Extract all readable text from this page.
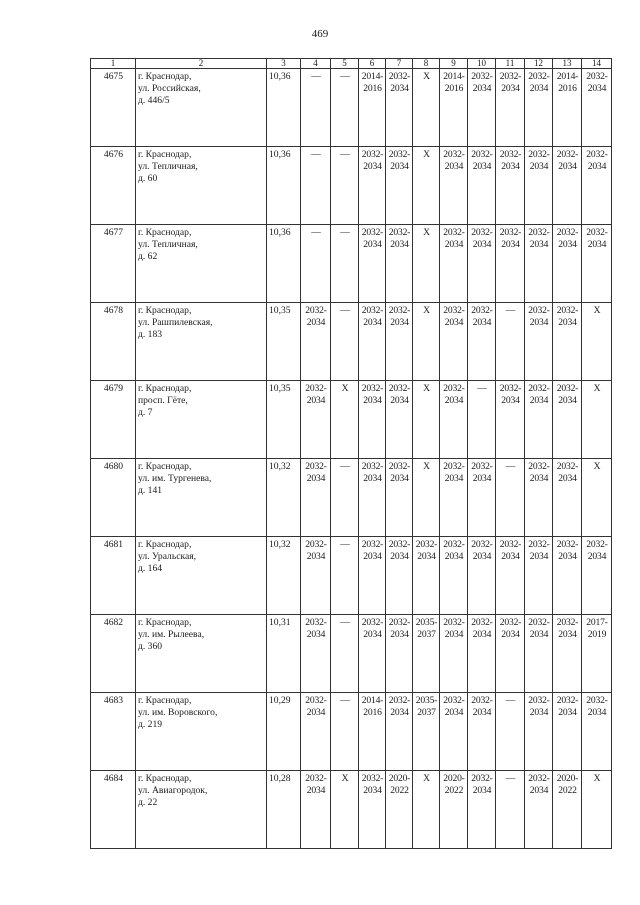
469
1	2	3	4	5	6	7	8	9	10	11	12	13	14
4675	г. Краснодар,
ул. Российская,
д. 446/5	10,36	—	—	2014-
2016	2032-
2034	X	2014-
2016	2032-
2034	2032-
2034	2032-
2034	2014-
2016	2032-
2034

4676	г. Краснодар,
ул. Тепличная,
д. 60	10,36	—	—	2032-
2034	2032-
2034	X	2032-
2034	2032-
2034	2032-
2034	2032-
2034	2032-
2034	2032-
2034

4677	г. Краснодар,
ул. Тепличная,
д. 62	10,36	—	—	2032-
2034	2032-
2034	X	2032-
2034	2032-
2034	2032-
2034	2032-
2034	2032-
2034	2032-
2034

4678	г. Краснодар,
ул. Рашпилевская,
д. 183	10,35	2032-
2034	—	2032-
2034	2032-
2034	X	2032-
2034	2032-
2034	—	2032-
2034	2032-
2034	X

4679	г. Краснодар,
просп. Гёте,
д. 7	10,35	2032-
2034	X	2032-
2034	2032-
2034	X	2032-
2034	—	2032-
2034	2032-
2034	2032-
2034	X

4680	г. Краснодар,
ул. им. Тургенева,
д. 141	10,32	2032-
2034	—	2032-
2034	2032-
2034	X	2032-
2034	2032-
2034	—	2032-
2034	2032-
2034	X

4681	г. Краснодар,
ул. Уральская,
д. 164	10,32	2032-
2034	—	2032-
2034	2032-
2034	2032-
2034	2032-
2034	2032-
2034	2032-
2034	2032-
2034	2032-
2034	2032-
2034

4682	г. Краснодар,
ул. им. Рылеева,
д. 360	10,31	2032-
2034	—	2032-
2034	2032-
2034	2035-
2037	2032-
2034	2032-
2034	2032-
2034	2032-
2034	2032-
2034	2017-
2019

4683	г. Краснодар,
ул. им. Воровского,
д. 219	10,29	2032-
2034	—	2014-
2016	2032-
2034	2035-
2037	2032-
2034	2032-
2034	—	2032-
2034	2032-
2034	2032-
2034

4684	г. Краснодар,
ул. Авиагородок,
д. 22	10,28	2032-
2034	X	2032-
2034	2020-
2022	X	2020-
2022	2032-
2034	—	2032-
2034	2020-
2022	X
